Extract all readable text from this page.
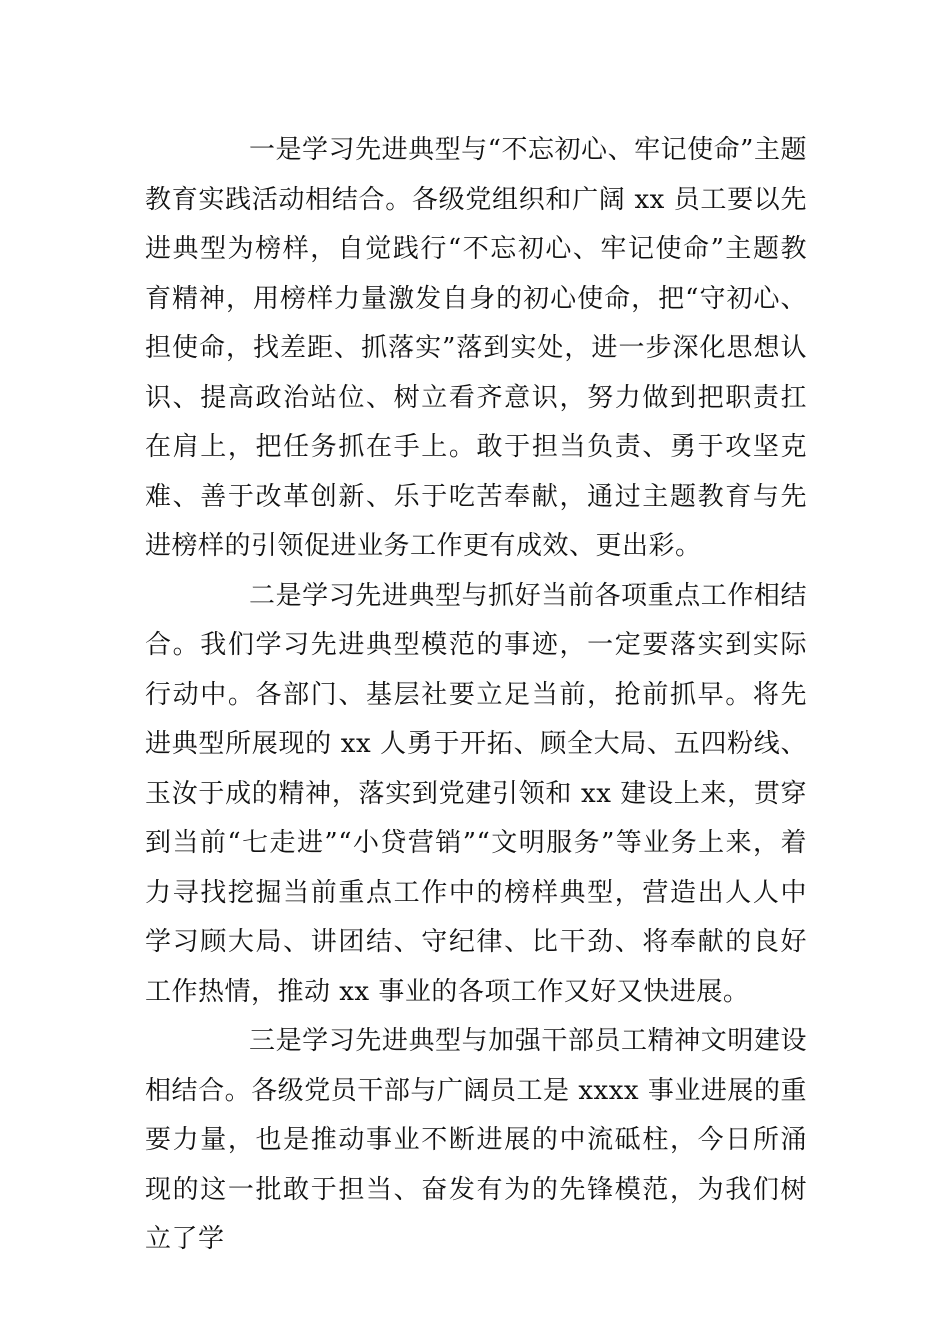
一是学习先进典型与“不忘初心、牢记使命”主题教育实践活动相结合。各级党组织和广阔 xx 员工要以先进典型为榜样，自觉践行“不忘初心、牢记使命”主题教育精神，用榜样力量激发自身的初心使命，把“守初心、担使命，找差距、抓落实”落到实处，进一步深化思想认识、提高政治站位、树立看齐意识，努力做到把职责扛在肩上，把任务抓在手上。敢于担当负责、勇于攻坚克难、善于改革创新、乐于吃苦奉献，通过主题教育与先进榜样的引领促进业务工作更有成效、更出彩。

二是学习先进典型与抓好当前各项重点工作相结合。我们学习先进典型模范的事迹，一定要落实到实际行动中。各部门、基层社要立足当前，抢前抓早。将先进典型所展现的 xx 人勇于开拓、顾全大局、五四粉线、玉汝于成的精神，落实到党建引领和 xx 建设上来，贯穿到当前“七走进”“小贷营销”“文明服务”等业务上来，着力寻找挖掘当前重点工作中的榜样典型，营造出人人中学习顾大局、讲团结、守纪律、比干劲、将奉献的良好工作热情，推动 xx 事业的各项工作又好又快进展。

三是学习先进典型与加强干部员工精神文明建设相结合。各级党员干部与广阔员工是 xxxx 事业进展的重要力量，也是推动事业不断进展的中流砥柱，今日所涌现的这一批敢于担当、奋发有为的先锋模范，为我们树立了学
